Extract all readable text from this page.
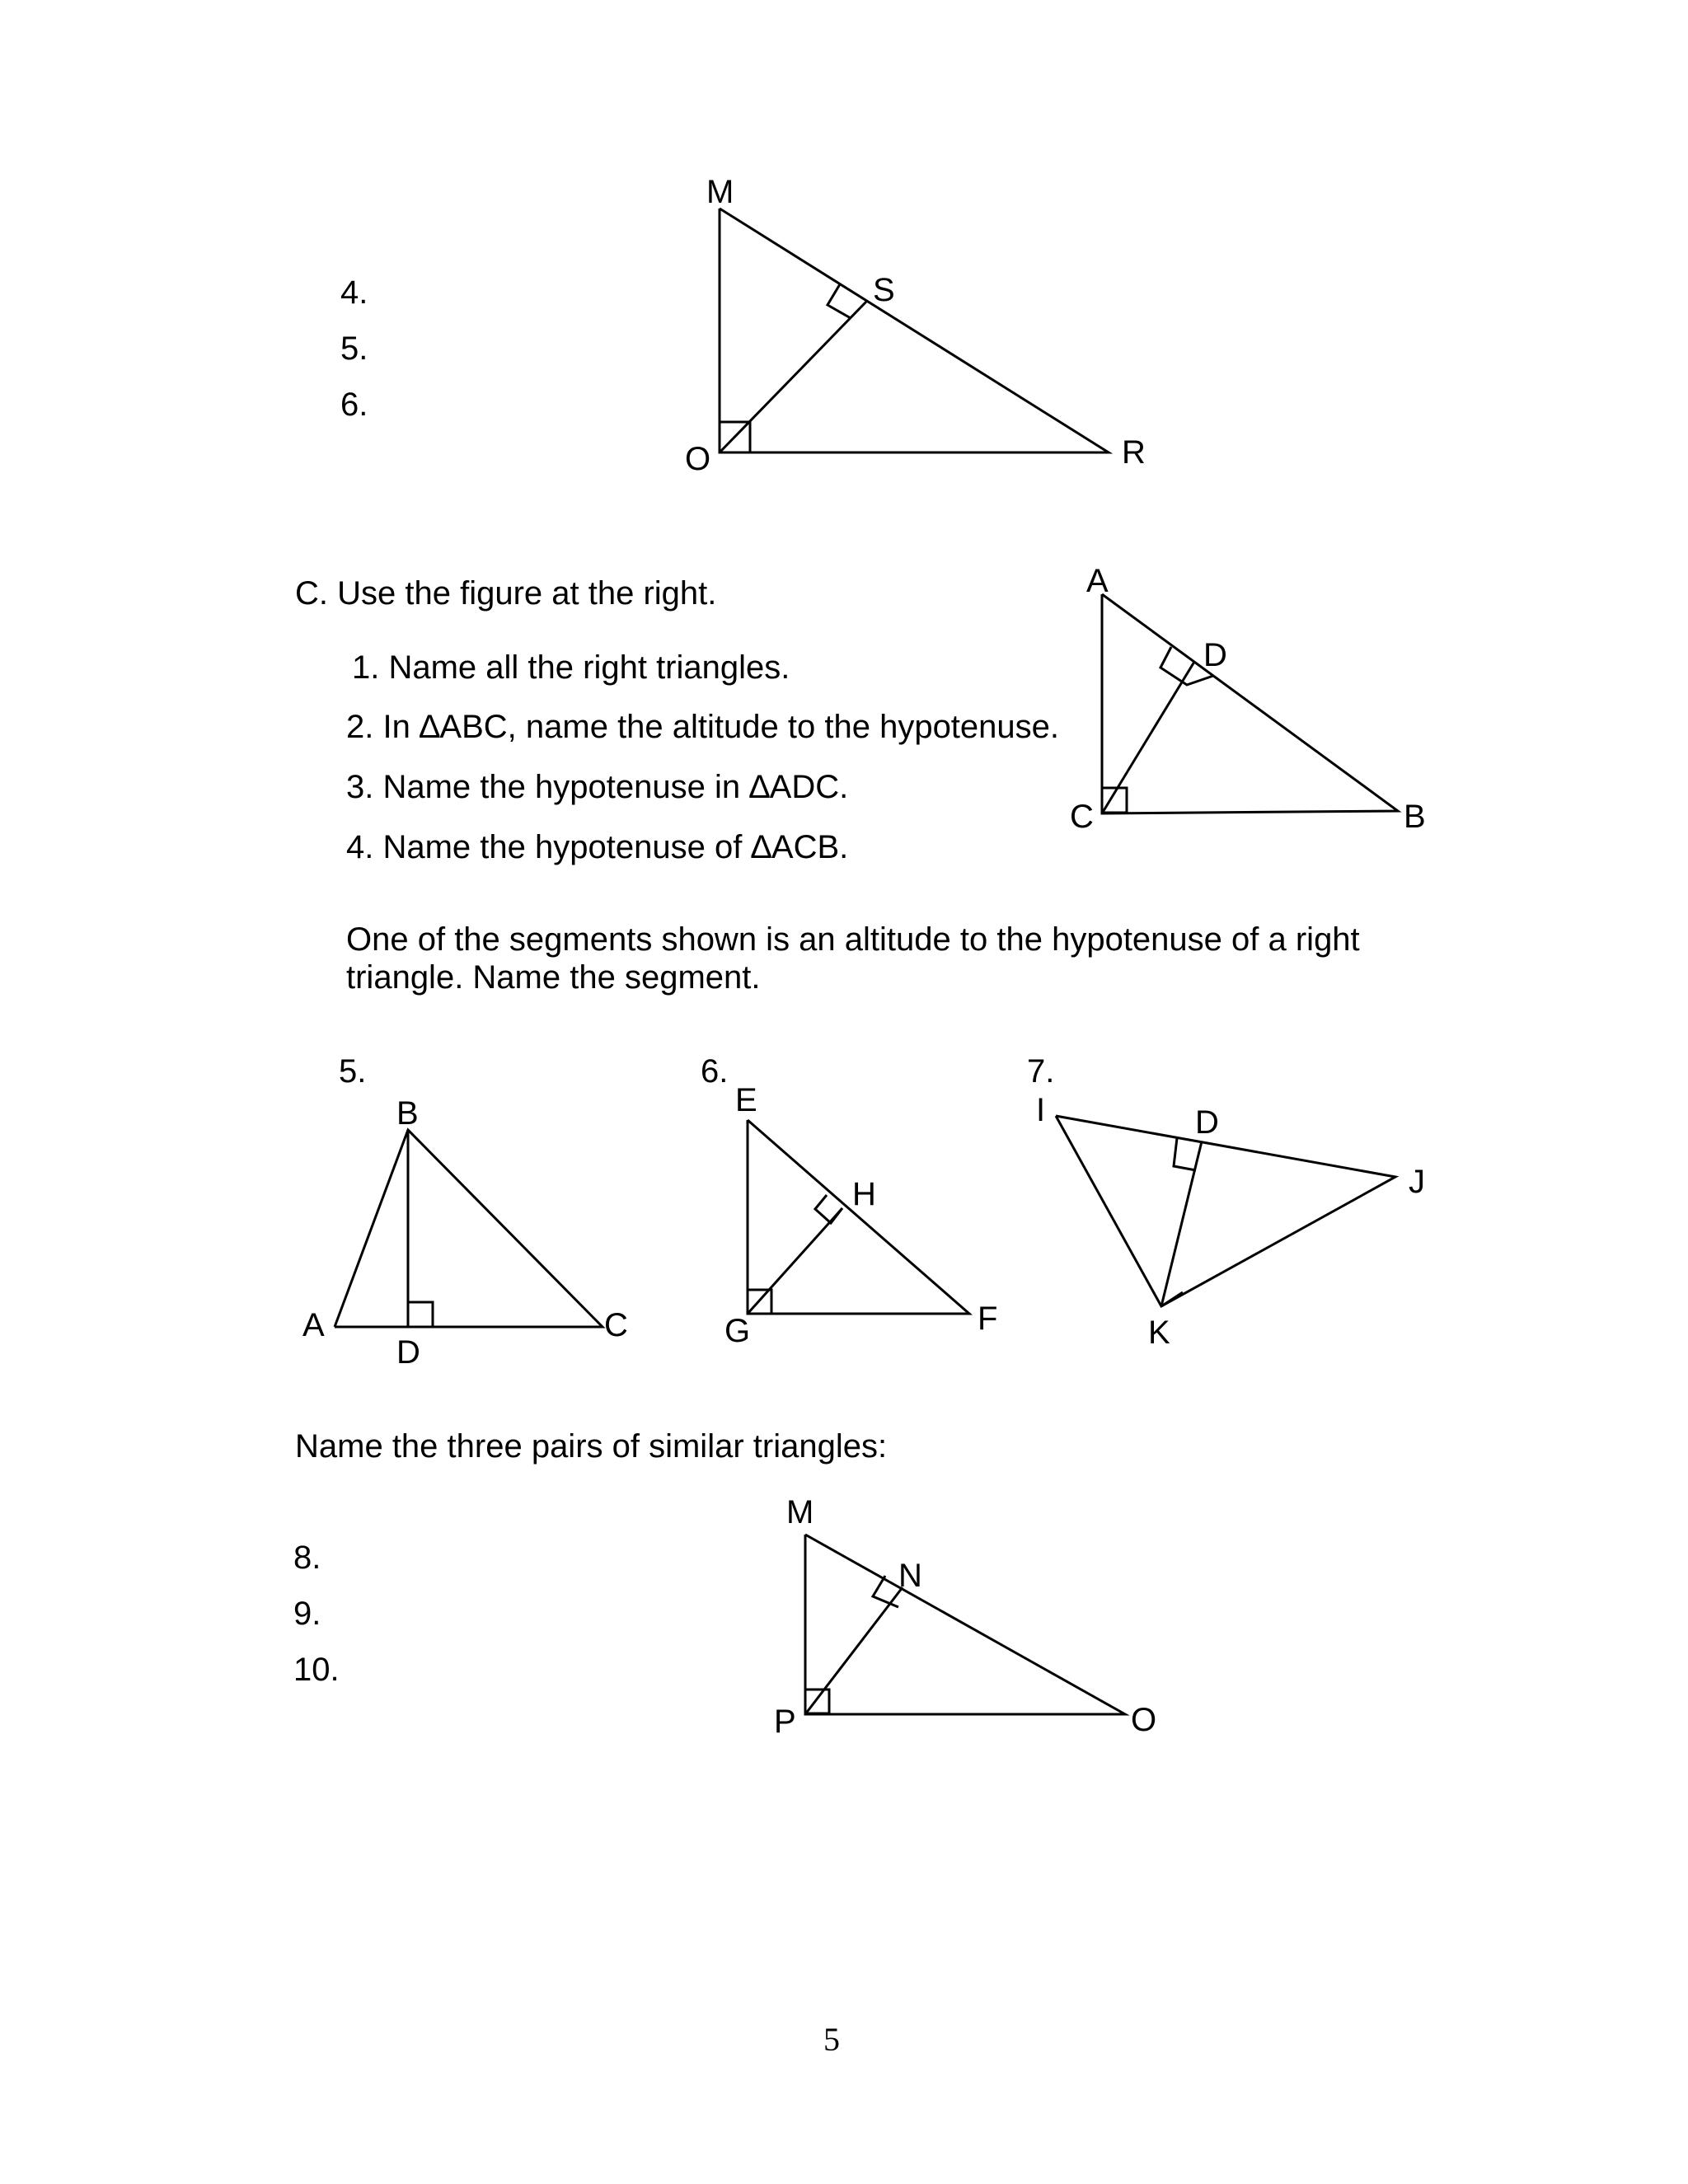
4.
5.
6.
C. Use the figure at the right.
1. Name all the right triangles.
2. In ∆ABC, name the altitude to the hypotenuse.
3. Name the hypotenuse in ∆ADC.
4. Name the hypotenuse of ∆ACB.
One of the segments shown is an altitude to the hypotenuse of a right
triangle. Name the segment.
5.	6.	7.
Name the three pairs of similar triangles:
8.
9.
10.
M
S
O	R
A
D
C	B
B
A
D
C
E
H
G	F
I	D
J
K
M
N
P	O
5
